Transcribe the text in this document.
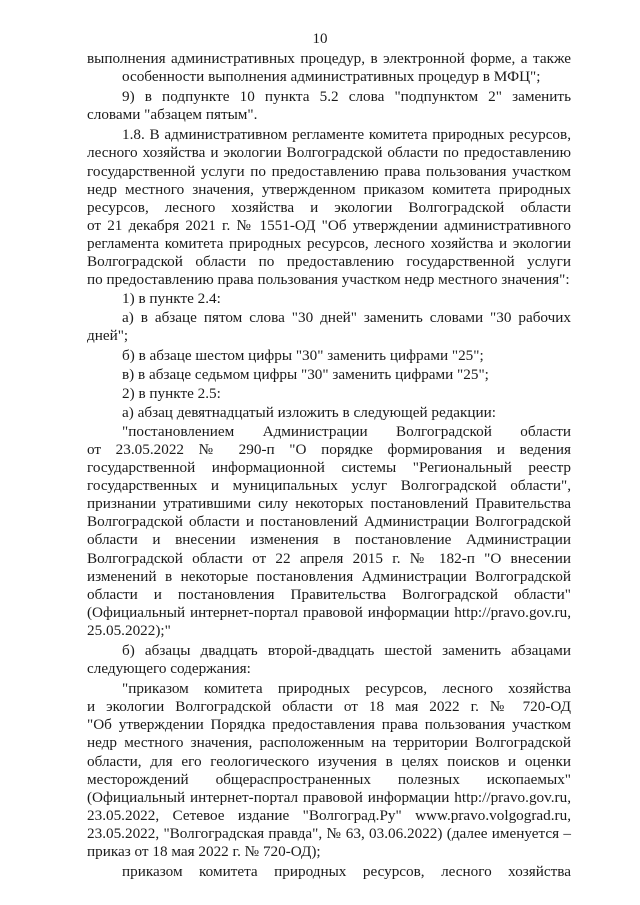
10
выполнения административных процедур, в электронной форме, а также
особенности выполнения административных процедур в МФЦ";
9) в подпункте 10 пункта 5.2 слова "подпунктом 2" заменить
словами "абзацем пятым".
1.8. В административном регламенте комитета природных ресурсов,
лесного хозяйства и экологии Волгоградской области по предоставлению
государственной услуги по предоставлению права пользования участком
недр местного значения, утвержденном приказом комитета природных
ресурсов, лесного хозяйства и экологии Волгоградской области
от 21 декабря 2021 г. № 1551-ОД "Об утверждении административного
регламента комитета природных ресурсов, лесного хозяйства и экологии
Волгоградской области по предоставлению государственной услуги
по предоставлению права пользования участком недр местного значения":
1) в пункте 2.4:
а) в абзаце пятом слова "30 дней" заменить словами "30 рабочих
дней";
б) в абзаце шестом цифры "30" заменить цифрами "25";
в) в абзаце седьмом цифры "30" заменить цифрами "25";
2) в пункте 2.5:
а) абзац девятнадцатый изложить в следующей редакции:
"постановлением Администрации Волгоградской области
от 23.05.2022 № 290-п "О порядке формирования и ведения
государственной информационной системы "Региональный реестр
государственных и муниципальных услуг Волгоградской области",
признании утратившими силу некоторых постановлений Правительства
Волгоградской области и постановлений Администрации Волгоградской
области и внесении изменения в постановление Администрации
Волгоградской области от 22 апреля 2015 г. № 182-п "О внесении
изменений в некоторые постановления Администрации Волгоградской
области и постановления Правительства Волгоградской области"
(Официальный интернет-портал правовой информации http://pravo.gov.ru,
25.05.2022);"
б) абзацы двадцать второй-двадцать шестой заменить абзацами
следующего содержания:
"приказом комитета природных ресурсов, лесного хозяйства
и экологии Волгоградской области от 18 мая 2022 г. № 720-ОД
"Об утверждении Порядка предоставления права пользования участком
недр местного значения, расположенным на территории Волгоградской
области, для его геологического изучения в целях поисков и оценки
месторождений общераспространенных полезных ископаемых"
(Официальный интернет-портал правовой информации http://pravo.gov.ru,
23.05.2022, Сетевое издание "Волгоград.Ру" www.pravo.volgograd.ru,
23.05.2022, "Волгоградская правда", № 63, 03.06.2022) (далее именуется –
приказ от 18 мая 2022 г. № 720-ОД);
приказом комитета природных ресурсов, лесного хозяйства
